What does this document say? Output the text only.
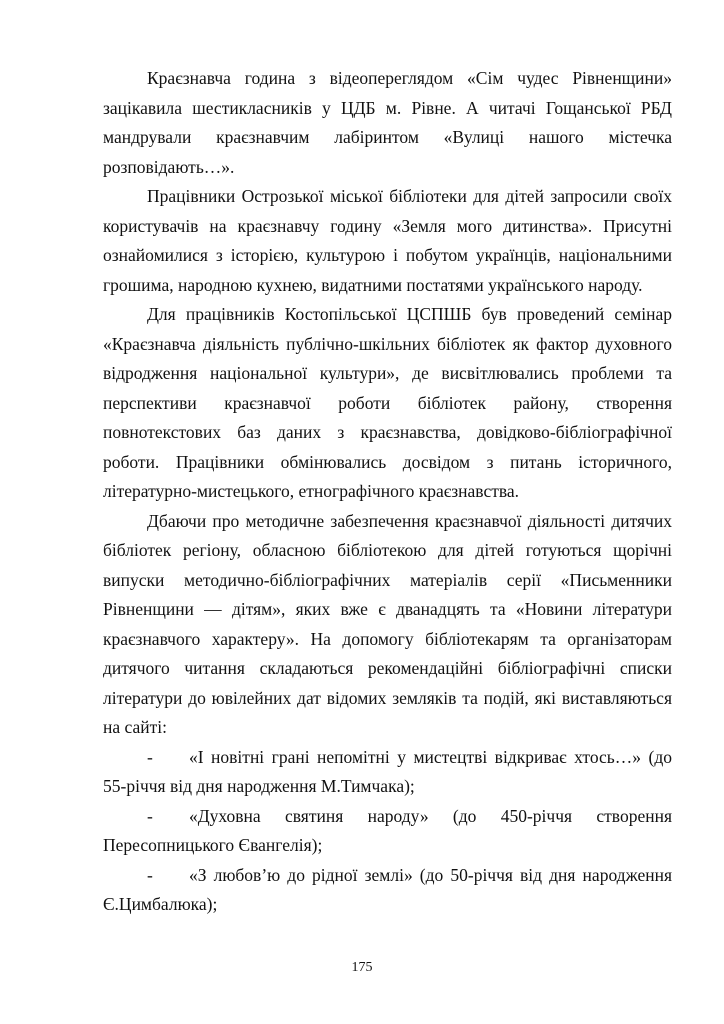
Краєзнавча година з відеопереглядом «Сім чудес Рівненщини» зацікавила шестикласників у ЦДБ м. Рівне. А читачі Гощанської РБД мандрували краєзнавчим лабіринтом «Вулиці нашого містечка розповідають…».

Працівники Острозької міської бібліотеки для дітей запросили своїх користувачів на краєзнавчу годину «Земля мого дитинства». Присутні ознайомилися з історією, культурою і побутом українців, національними грошима, народною кухнею, видатними постатями українського народу.

Для працівників Костопільської ЦСПШБ був проведений семінар «Краєзнавча діяльність публічно-шкільних бібліотек як фактор духовного відродження національної культури», де висвітлювались проблеми та перспективи краєзнавчої роботи бібліотек району, створення повнотекстових баз даних з краєзнавства, довідково-бібліографічної роботи. Працівники обмінювались досвідом з питань історичного, літературно-мистецького, етнографічного краєзнавства.

Дбаючи про методичне забезпечення краєзнавчої діяльності дитячих бібліотек регіону, обласною бібліотекою для дітей готуються щорічні випуски методично-бібліографічних матеріалів серії «Письменники Рівненщини — дітям», яких вже є дванадцять та «Новини літератури краєзнавчого характеру». На допомогу бібліотекарям та організаторам дитячого читання складаються рекомендаційні бібліографічні списки літератури до ювілейних дат відомих земляків та подій, які виставляються на сайті:

- «І новітні грані непомітні у мистецтві відкриває хтось…» (до 55-річчя від дня народження М.Тимчака);

- «Духовна святиня народу» (до 450-річчя створення Пересопницького Євангелія);

- «З любов’ю до рідної землі» (до 50-річчя від дня народження Є.Цимбалюка);

175
